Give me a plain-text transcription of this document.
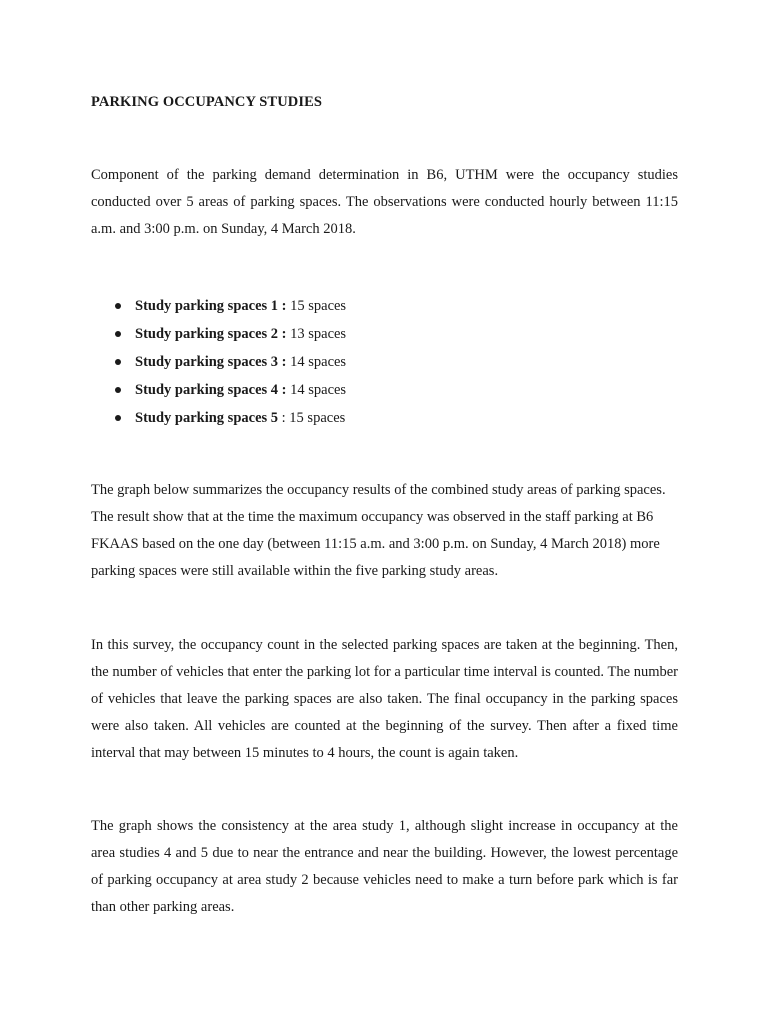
PARKING OCCUPANCY STUDIES

Component of the parking demand determination in B6, UTHM were the occupancy studies conducted over 5 areas of parking spaces. The observations were conducted hourly between 11:15 a.m. and 3:00 p.m. on Sunday, 4 March 2018.

Study parking spaces 1 : 15 spaces
Study parking spaces 2 : 13 spaces
Study parking spaces 3 : 14 spaces
Study parking spaces 4 : 14 spaces
Study parking spaces 5 : 15 spaces

The graph below summarizes the occupancy results of the combined study areas of parking spaces. The result show that at the time the maximum occupancy was observed in the staff parking at B6 FKAAS based on the one day (between 11:15 a.m. and 3:00 p.m. on Sunday, 4 March 2018) more parking spaces were still available within the five parking study areas.

In this survey, the occupancy count in the selected parking spaces are taken at the beginning. Then, the number of vehicles that enter the parking lot for a particular time interval is counted. The number of vehicles that leave the parking spaces are also taken. The final occupancy in the parking spaces were also taken. All vehicles are counted at the beginning of the survey. Then after a fixed time interval that may between 15 minutes to 4 hours, the count is again taken.

The graph shows the consistency at the area study 1, although slight increase in occupancy at the area studies 4 and 5 due to near the entrance and near the building. However, the lowest percentage of parking occupancy at area study 2 because vehicles need to make a turn before park which is far than other parking areas.
